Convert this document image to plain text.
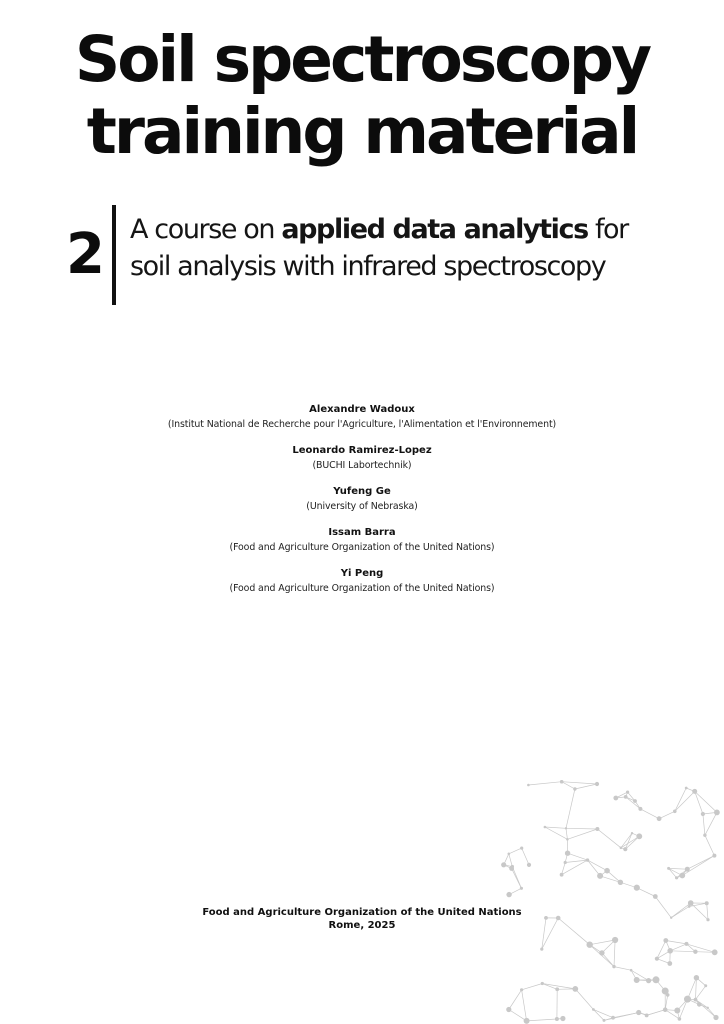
Soil spectroscopy
training material
2 A course on applied data analytics for
soil analysis with infrared spectroscopy
Alexandre Wadoux
(Institut National de Recherche pour l'Agriculture, l'Alimentation et l'Environnement)
Leonardo Ramirez-Lopez
(BUCHI Labortechnik)
Yufeng Ge
(University of Nebraska)
Issam Barra
(Food and Agriculture Organization of the United Nations)
Yi Peng
(Food and Agriculture Organization of the United Nations)
Food and Agriculture Organization of the United Nations
Rome, 2025
